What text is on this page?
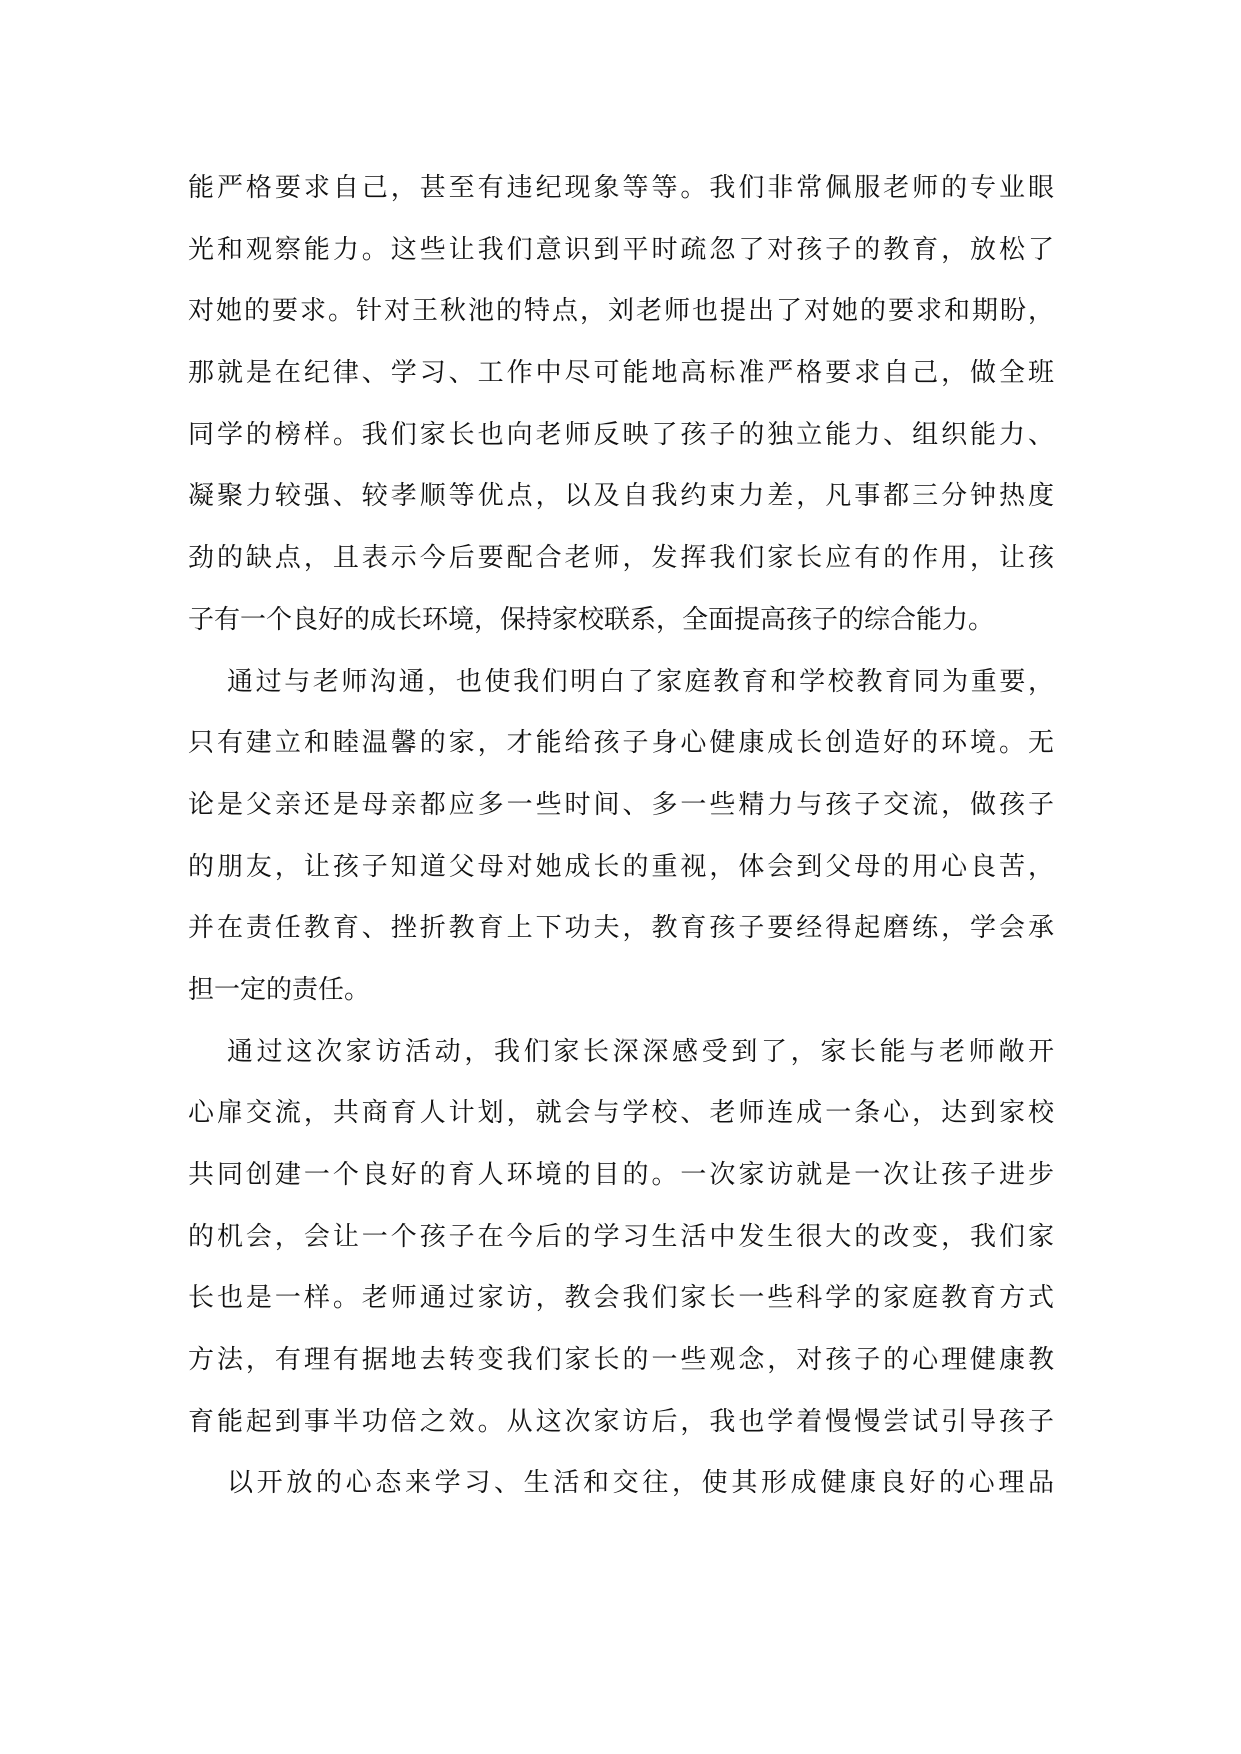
能严格要求自己，甚至有违纪现象等等。我们非常佩服老师的专业眼
光和观察能力。这些让我们意识到平时疏忽了对孩子的教育，放松了
对她的要求。针对王秋池的特点，刘老师也提出了对她的要求和期盼，
那就是在纪律、学习、工作中尽可能地高标准严格要求自己，做全班
同学的榜样。我们家长也向老师反映了孩子的独立能力、组织能力、
凝聚力较强、较孝顺等优点，以及自我约束力差，凡事都三分钟热度
劲的缺点，且表示今后要配合老师，发挥我们家长应有的作用，让孩
子有一个良好的成长环境，保持家校联系，全面提高孩子的综合能力。
通过与老师沟通，也使我们明白了家庭教育和学校教育同为重要，
只有建立和睦温馨的家，才能给孩子身心健康成长创造好的环境。无
论是父亲还是母亲都应多一些时间、多一些精力与孩子交流，做孩子
的朋友，让孩子知道父母对她成长的重视，体会到父母的用心良苦，
并在责任教育、挫折教育上下功夫，教育孩子要经得起磨练，学会承
担一定的责任。
通过这次家访活动，我们家长深深感受到了，家长能与老师敞开
心扉交流，共商育人计划，就会与学校、老师连成一条心，达到家校
共同创建一个良好的育人环境的目的。一次家访就是一次让孩子进步
的机会，会让一个孩子在今后的学习生活中发生很大的改变，我们家
长也是一样。老师通过家访，教会我们家长一些科学的家庭教育方式
方法，有理有据地去转变我们家长的一些观念，对孩子的心理健康教
育能起到事半功倍之效。从这次家访后，我也学着慢慢尝试引导孩子
以开放的心态来学习、生活和交往，使其形成健康良好的心理品
